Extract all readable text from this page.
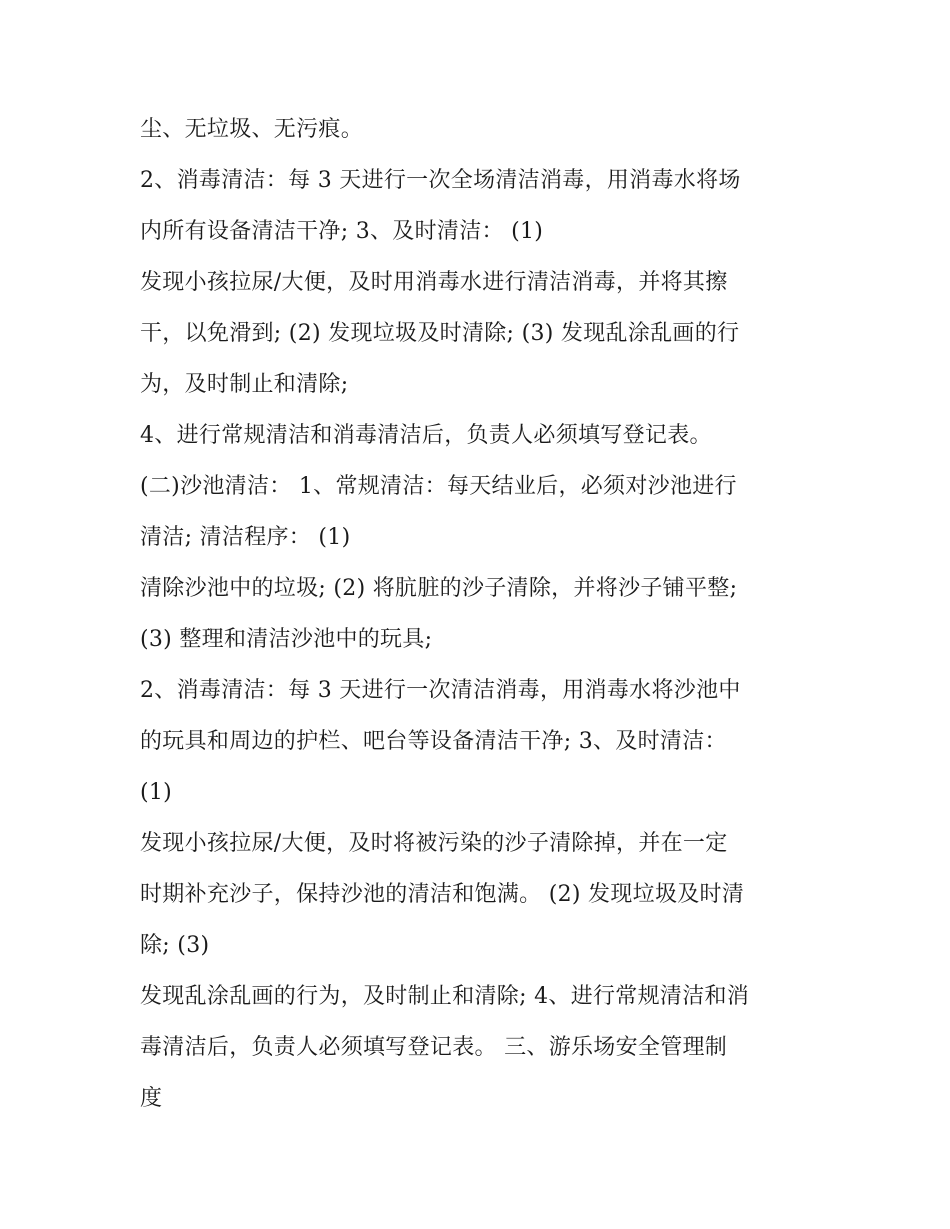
尘、无垃圾、无污痕。
2、消毒清洁：每 3 天进行一次全场清洁消毒，用消毒水将场
内所有设备清洁干净; 3、及时清洁： (1)
发现小孩拉尿/大便，及时用消毒水进行清洁消毒，并将其擦
干，以免滑到; (2) 发现垃圾及时清除; (3) 发现乱涂乱画的行
为，及时制止和清除;
4、进行常规清洁和消毒清洁后，负责人必须填写登记表。
(二)沙池清洁： 1、常规清洁：每天结业后，必须对沙池进行
清洁; 清洁程序： (1)
清除沙池中的垃圾; (2) 将肮脏的沙子清除，并将沙子铺平整;
(3) 整理和清洁沙池中的玩具;
2、消毒清洁：每 3 天进行一次清洁消毒，用消毒水将沙池中
的玩具和周边的护栏、吧台等设备清洁干净; 3、及时清洁：
(1)
发现小孩拉尿/大便，及时将被污染的沙子清除掉，并在一定
时期补充沙子，保持沙池的清洁和饱满。 (2) 发现垃圾及时清
除; (3)
发现乱涂乱画的行为，及时制止和清除; 4、进行常规清洁和消
毒清洁后，负责人必须填写登记表。 三、游乐场安全管理制
度
